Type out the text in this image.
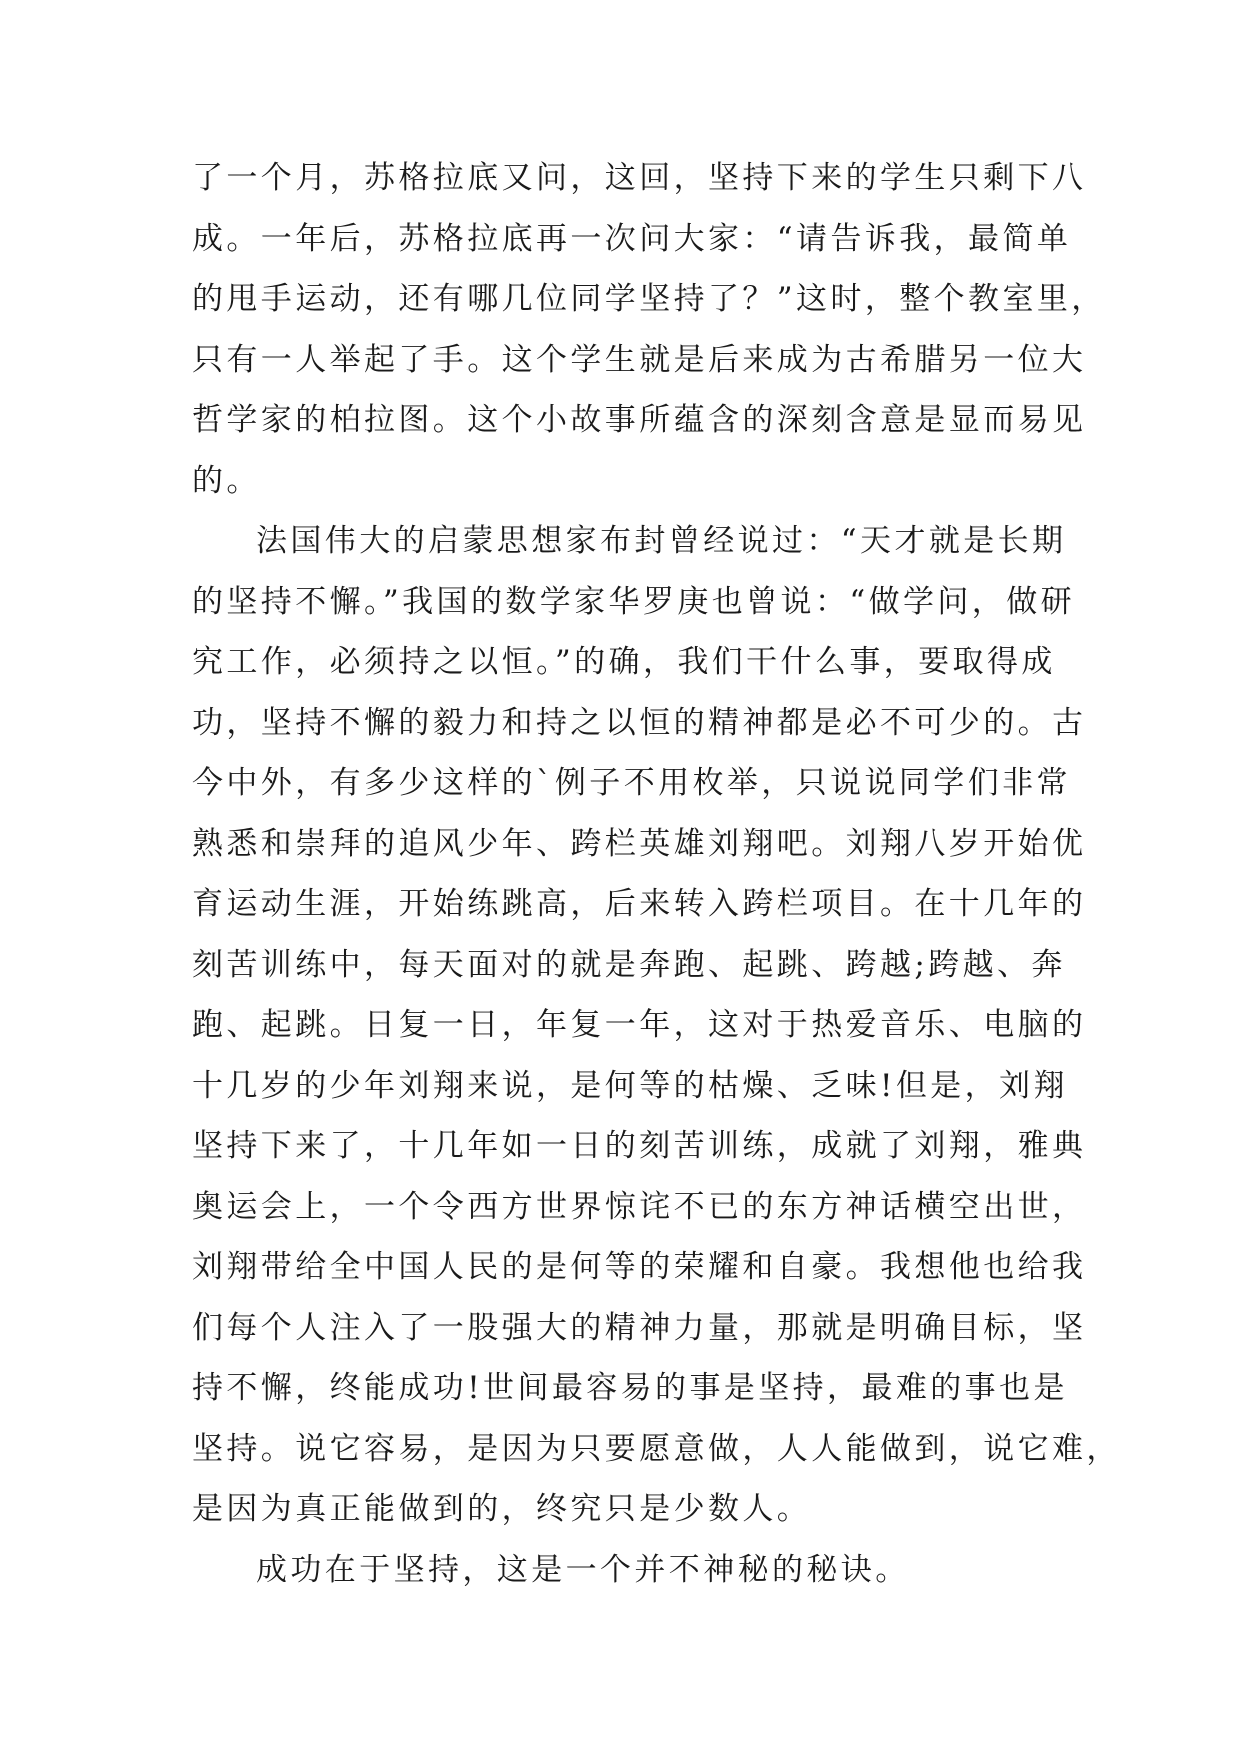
了一个月，苏格拉底又问，这回，坚持下来的学生只剩下八
成。一年后，苏格拉底再一次问大家：“请告诉我，最简单
的甩手运动，还有哪几位同学坚持了？”这时，整个教室里，
只有一人举起了手。这个学生就是后来成为古希腊另一位大
哲学家的柏拉图。这个小故事所蕴含的深刻含意是显而易见
的。
法国伟大的启蒙思想家布封曾经说过：“天才就是长期
的坚持不懈。”我国的数学家华罗庚也曾说：“做学问，做研
究工作，必须持之以恒。”的确，我们干什么事，要取得成
功，坚持不懈的毅力和持之以恒的精神都是必不可少的。古
今中外，有多少这样的`例子不用枚举，只说说同学们非常
熟悉和崇拜的追风少年、跨栏英雄刘翔吧。刘翔八岁开始优
育运动生涯，开始练跳高，后来转入跨栏项目。在十几年的
刻苦训练中，每天面对的就是奔跑、起跳、跨越;跨越、奔
跑、起跳。日复一日，年复一年，这对于热爱音乐、电脑的
十几岁的少年刘翔来说，是何等的枯燥、乏味!但是，刘翔
坚持下来了，十几年如一日的刻苦训练，成就了刘翔，雅典
奥运会上，一个令西方世界惊诧不已的东方神话横空出世，
刘翔带给全中国人民的是何等的荣耀和自豪。我想他也给我
们每个人注入了一股强大的精神力量，那就是明确目标，坚
持不懈，终能成功!世间最容易的事是坚持，最难的事也是
坚持。说它容易，是因为只要愿意做，人人能做到，说它难，
是因为真正能做到的，终究只是少数人。
成功在于坚持，这是一个并不神秘的秘诀。
